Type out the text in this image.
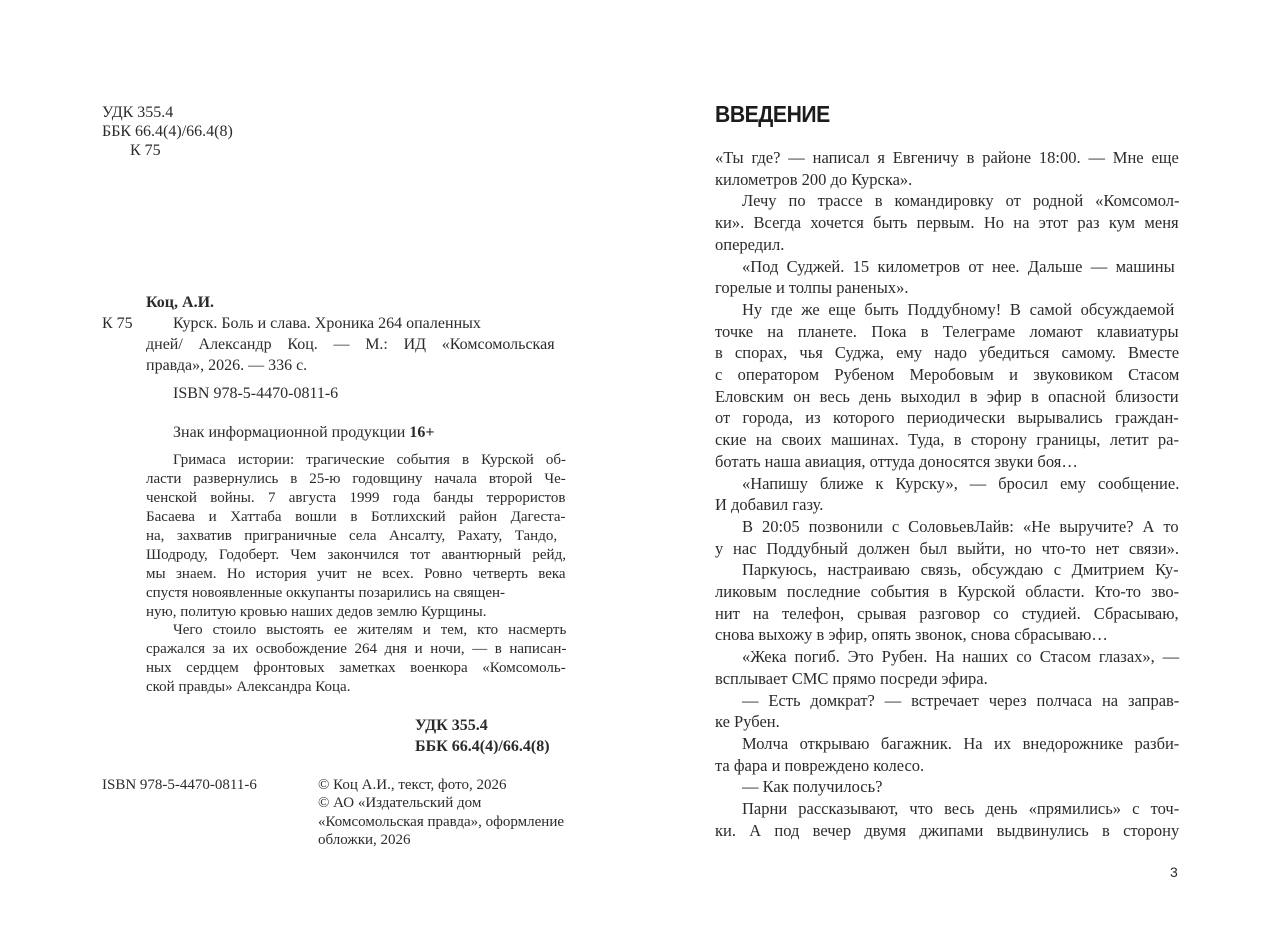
УДК 355.4
ББК 66.4(4)/66.4(8)
К 75
Коц, А.И.
К 75	Курск. Боль и слава. Хроника 264 опаленных
дней/ Александр Коц. — М.: ИД «Комсомольская
правда», 2026. — 336 с.
ISBN 978-5-4470-0811-6
Знак информационной продукции 16+
Гримаса истории: трагические события в Курской об-
ласти развернулись в 25-ю годовщину начала второй Че-
ченской войны. 7 августа 1999 года банды террористов
Басаева и Хаттаба вошли в Ботлихский район Дагеста-
на, захватив приграничные села Ансалту, Рахату, Тандо,
Шодроду, Годоберт. Чем закончился тот авантюрный рейд,
мы знаем. Но история учит не всех. Ровно четверть века
спустя новоявленные оккупанты позарились на священ-
ную, политую кровью наших дедов землю Курщины.
Чего стоило выстоять ее жителям и тем, кто насмерть
сражался за их освобождение 264 дня и ночи, — в написан-
ных сердцем фронтовых заметках военкора «Комсомоль-
ской правды» Александра Коца.
УДК 355.4
ББК 66.4(4)/66.4(8)
ISBN 978-5-4470-0811-6	© Коц А.И., текст, фото, 2026
© АО «Издательский дом
«Комсомольская правда», оформление
обложки, 2026
ВВЕДЕНИЕ
«Ты где? — написал я Евгеничу в районе 18:00. — Мне еще
километров 200 до Курска».
Лечу по трассе в командировку от родной «Комсомол-
ки». Всегда хочется быть первым. Но на этот раз кум меня
опередил.
«Под Суджей. 15 километров от нее. Дальше — машины
горелые и толпы раненых».
Ну где же еще быть Поддубному! В самой обсуждаемой
точке на планете. Пока в Телеграме ломают клавиатуры
в спорах, чья Суджа, ему надо убедиться самому. Вместе
с оператором Рубеном Меробовым и звуковиком Стасом
Еловским он весь день выходил в эфир в опасной близости
от города, из которого периодически вырывались граждан-
ские на своих машинах. Туда, в сторону границы, летит ра-
ботать наша авиация, оттуда доносятся звуки боя…
«Напишу ближе к Курску», — бросил ему сообщение.
И добавил газу.
В 20:05 позвонили с СоловьевЛайв: «Не выручите? А то
у нас Поддубный должен был выйти, но что-то нет связи».
Паркуюсь, настраиваю связь, обсуждаю с Дмитрием Ку-
ликовым последние события в Курской области. Кто-то зво-
нит на телефон, срывая разговор со студией. Сбрасываю,
снова выхожу в эфир, опять звонок, снова сбрасываю…
«Жека погиб. Это Рубен. На наших со Стасом глазах», —
всплывает СМС прямо посреди эфира.
— Есть домкрат? — встречает через полчаса на заправ-
ке Рубен.
Молча открываю багажник. На их внедорожнике разби-
та фара и повреждено колесо.
— Как получилось?
Парни рассказывают, что весь день «прямились» с точ-
ки. А под вечер двумя джипами выдвинулись в сторону
3
